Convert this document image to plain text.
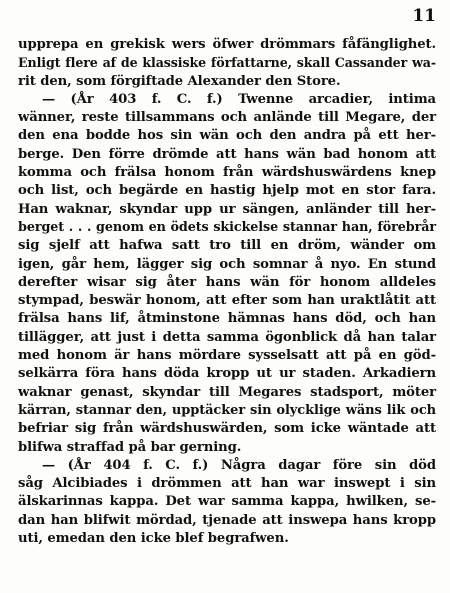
11
upprepa en grekisk wers öfwer drömmars fåfänglighet.
Enligt flere af de klassiske författarne, skall Cassander wa-
rit den, som förgiftade Alexander den Store.
— (År 403 f. C. f.) Twenne arcadier, intima
wänner, reste tillsammans och anlände till Megare, der
den ena bodde hos sin wän och den andra på ett her-
berge. Den förre drömde att hans wän bad honom att
komma och frälsa honom från wärdshuswärdens knep
och list, och begärde en hastig hjelp mot en stor fara.
Han waknar, skyndar upp ur sängen, anländer till her-
berget . . . genom en ödets skickelse stannar han, förebrår
sig sjelf att hafwa satt tro till en dröm, wänder om
igen, går hem, lägger sig och somnar å nyo. En stund
derefter wisar sig åter hans wän för honom alldeles
stympad, beswär honom, att efter som han uraktlåtit att
frälsa hans lif, åtminstone hämnas hans död, och han
tillägger, att just i detta samma ögonblick då han talar
med honom är hans mördare sysselsatt att på en göd-
selkärra föra hans döda kropp ut ur staden. Arkadiern
waknar genast, skyndar till Megares stadsport, möter
kärran, stannar den, upptäcker sin olycklige wäns lik och
befriar sig från wärdshuswärden, som icke wäntade att
blifwa straffad på bar gerning.
— (År 404 f. C. f.) Några dagar före sin död
såg Alcibiades i drömmen att han war inswept i sin
älskarinnas kappa. Det war samma kappa, hwilken, se-
dan han blifwit mördad, tjenade att inswepa hans kropp
uti, emedan den icke blef begrafwen.
